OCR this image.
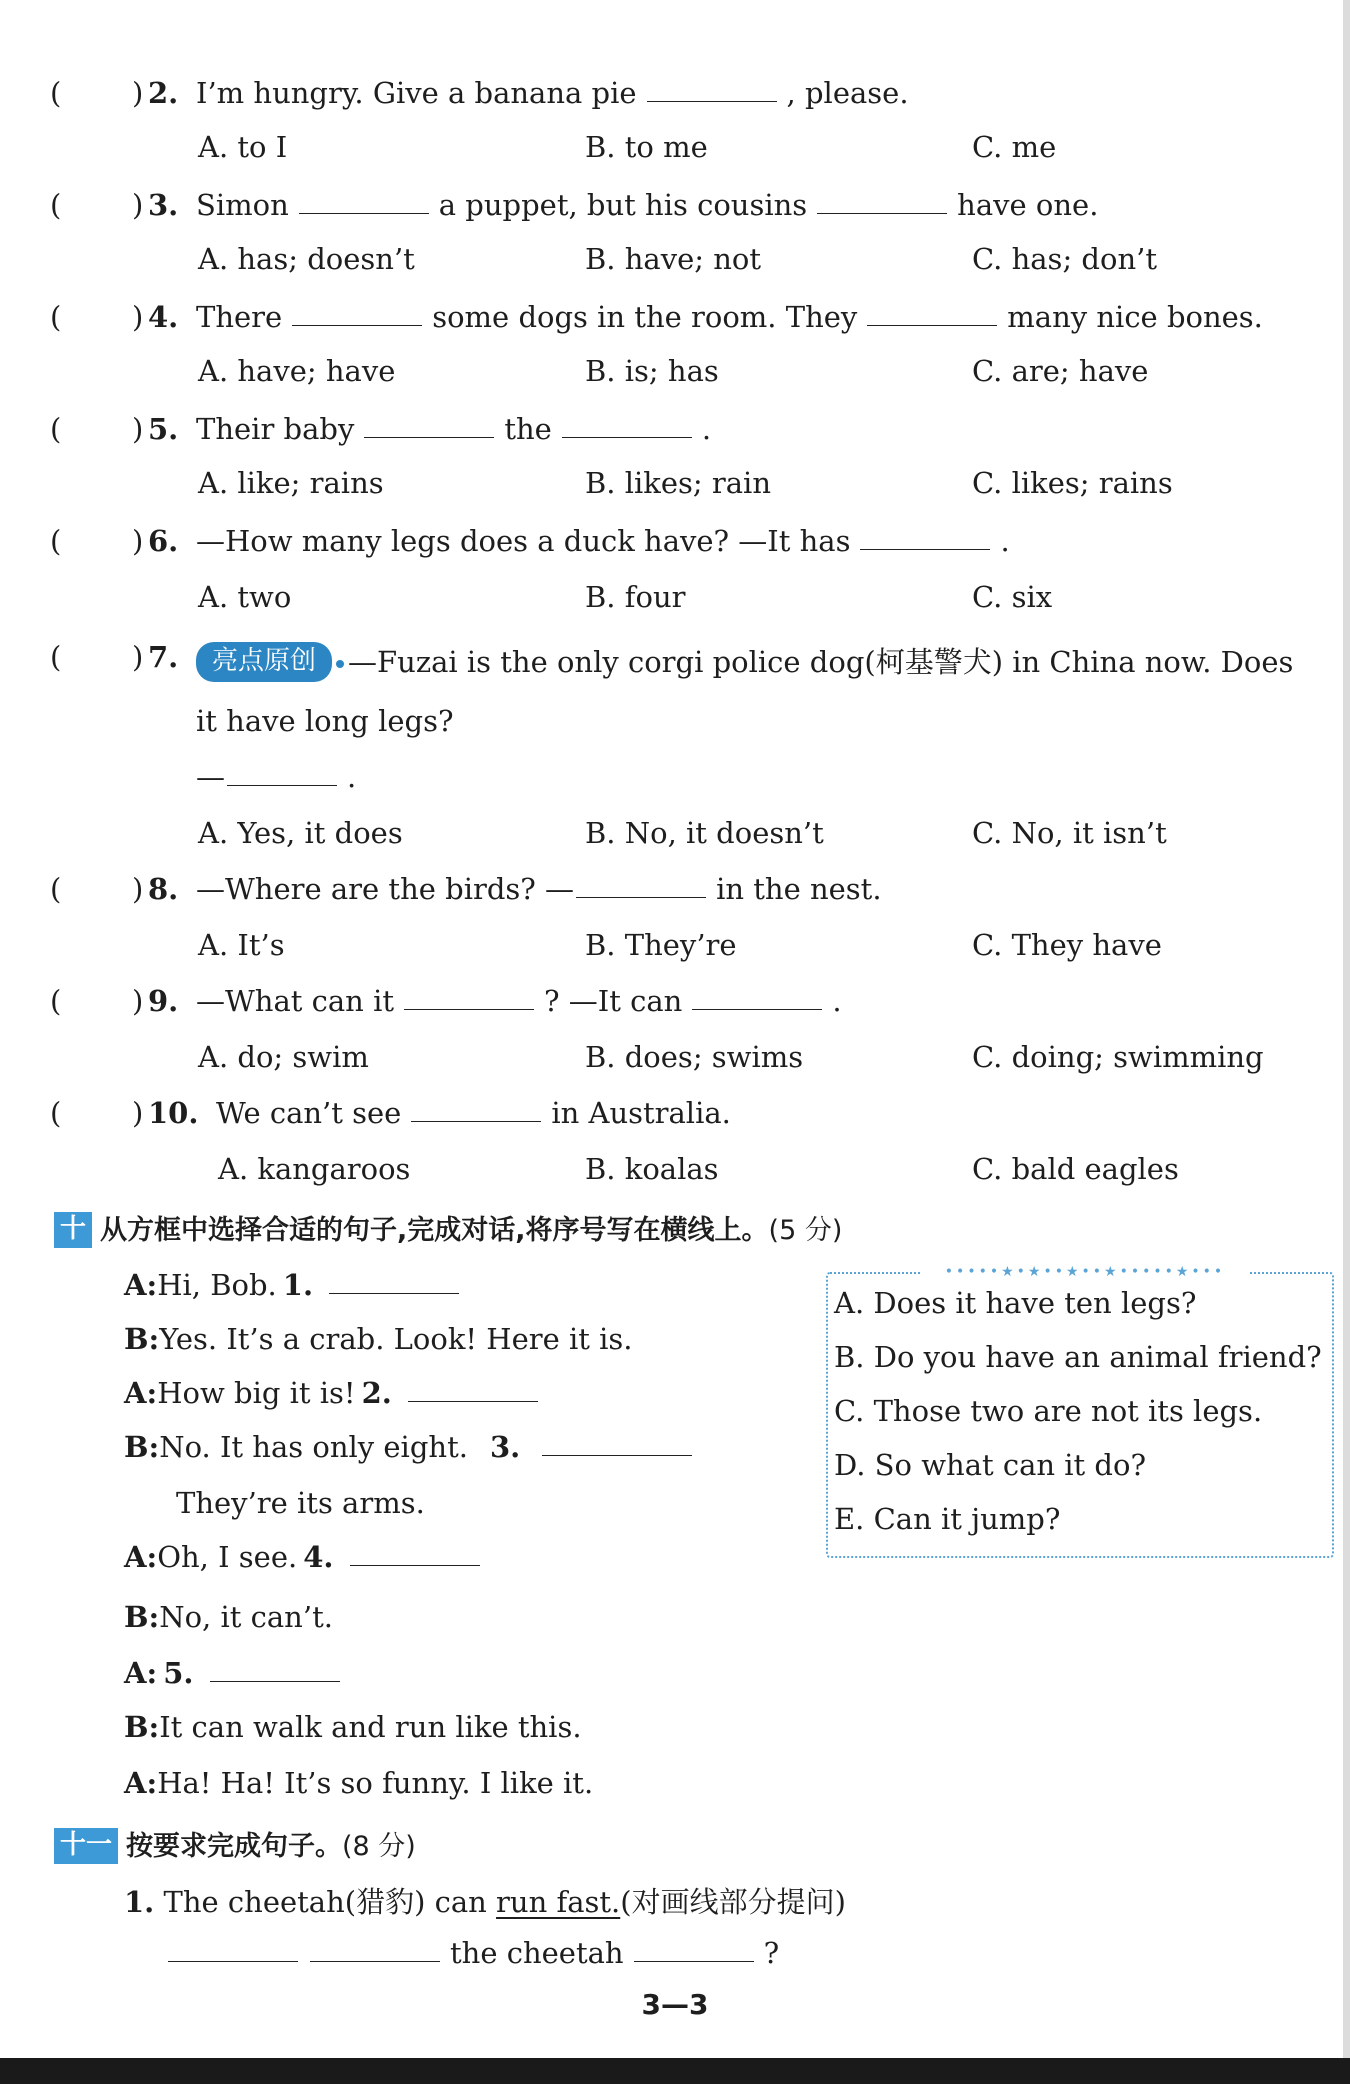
( ) 2. I’m hungry. Give a banana pie	, please.
A. to I	B. to me	C. me
( ) 3. Simon	a puppet, but his cousins	have one.
A. has; doesn’t	B. have; not	C. has; don’t
( ) 4. There	some dogs in the room. They	many nice bones.
A. have; have	B. is; has	C. are; have
( ) 5. Their baby	the	.
A. like; rains	B. likes; rain	C. likes; rains
( ) 6. —How many legs does a duck have? —It has	.
A. two	B. four	C. six
( ) 7.	亮点原创 —Fuzai is the only corgi police dog(柯基警犬) in China now. Does
it have long legs?
—	.
A. Yes, it does	B. No, it doesn’t	C. No, it isn’t
( ) 8. —Where are the birds? —	in the nest.
A. It’s	B. They’re	C. They have
( ) 9. —What can it	? —It can	.
A. do; swim	B. does; swims	C. doing; swimming
( ) 10. We can’t see	in Australia.
A. kangaroos	B. koalas	C. bald eagles
十 从方框中选择合适的句子,完成对话,将序号写在横线上。(5 分)
A:Hi, Bob. 1.
B:Yes. It’s a crab. Look! Here it is.
A:How big it is! 2.
B:No. It has only eight. 3.
They’re its arms.
A:Oh, I see. 4.
B:No, it can’t.
A: 5.
B:It can walk and run like this.
A:Ha! Ha! It’s so funny. I like it.
•••••★•★••★••★•••••★•••
A. Does it have ten legs?
B. Do you have an animal friend?
C. Those two are not its legs.
D. So what can it do?
E. Can it jump?
十一 按要求完成句子。(8 分)
1. The cheetah(猎豹) can run fast.(对画线部分提问)
the cheetah	?
3—3
